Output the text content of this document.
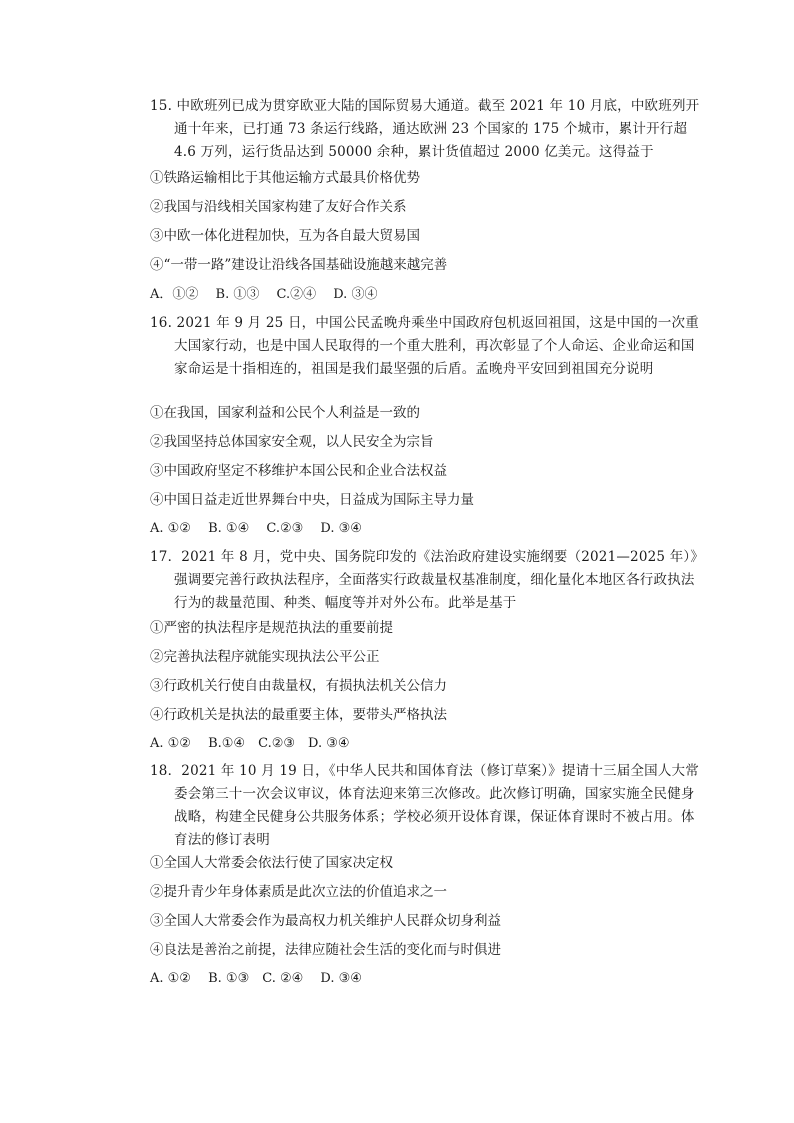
15. 中欧班列已成为贯穿欧亚大陆的国际贸易大通道。截至 2021 年 10 月底，中欧班列开通十年来，已打通 73 条运行线路，通达欧洲 23 个国家的 175 个城市，累计开行超 4.6 万列，运行货品达到 50000 余种，累计货值超过 2000 亿美元。这得益于
①铁路运输相比于其他运输方式最具价格优势
②我国与沿线相关国家构建了友好合作关系
③中欧一体化进程加快，互为各自最大贸易国
④“一带一路”建设让沿线各国基础设施越来越完善
A．①②　 B. ①③　 C.②④　 D. ③④
16. 2021 年 9 月 25 日，中国公民孟晚舟乘坐中国政府包机返回祖国，这是中国的一次重大国家行动，也是中国人民取得的一个重大胜利，再次彰显了个人命运、企业命运和国家命运是十指相连的，祖国是我们最坚强的后盾。孟晚舟平安回到祖国充分说明
①在我国，国家利益和公民个人利益是一致的
②我国坚持总体国家安全观，以人民安全为宗旨
③中国政府坚定不移维护本国公民和企业合法权益
④中国日益走近世界舞台中央，日益成为国际主导力量
A. ①②　 B. ①④　 C.②③　 D. ③④
17．2021 年 8 月，党中央、国务院印发的《法治政府建设实施纲要（2021—2025 年）》强调要完善行政执法程序，全面落实行政裁量权基准制度，细化量化本地区各行政执法行为的裁量范围、种类、幅度等并对外公布。此举是基于
①严密的执法程序是规范执法的重要前提
②完善执法程序就能实现执法公平公正
③行政机关行使自由裁量权，有损执法机关公信力
④行政机关是执法的最重要主体，要带头严格执法
A. ①②　 B.①④　C.②③　D. ③④
18．2021 年 10 月 19 日，《中华人民共和国体育法（修订草案）》提请十三届全国人大常委会第三十一次会议审议，体育法迎来第三次修改。此次修订明确，国家实施全民健身战略，构建全民健身公共服务体系；学校必须开设体育课，保证体育课时不被占用。体育法的修订表明
①全国人大常委会依法行使了国家决定权
②提升青少年身体素质是此次立法的价值追求之一
③全国人大常委会作为最高权力机关维护人民群众切身利益
④良法是善治之前提，法律应随社会生活的变化而与时俱进
A. ①②　 B. ①③　C. ②④　 D. ③④
